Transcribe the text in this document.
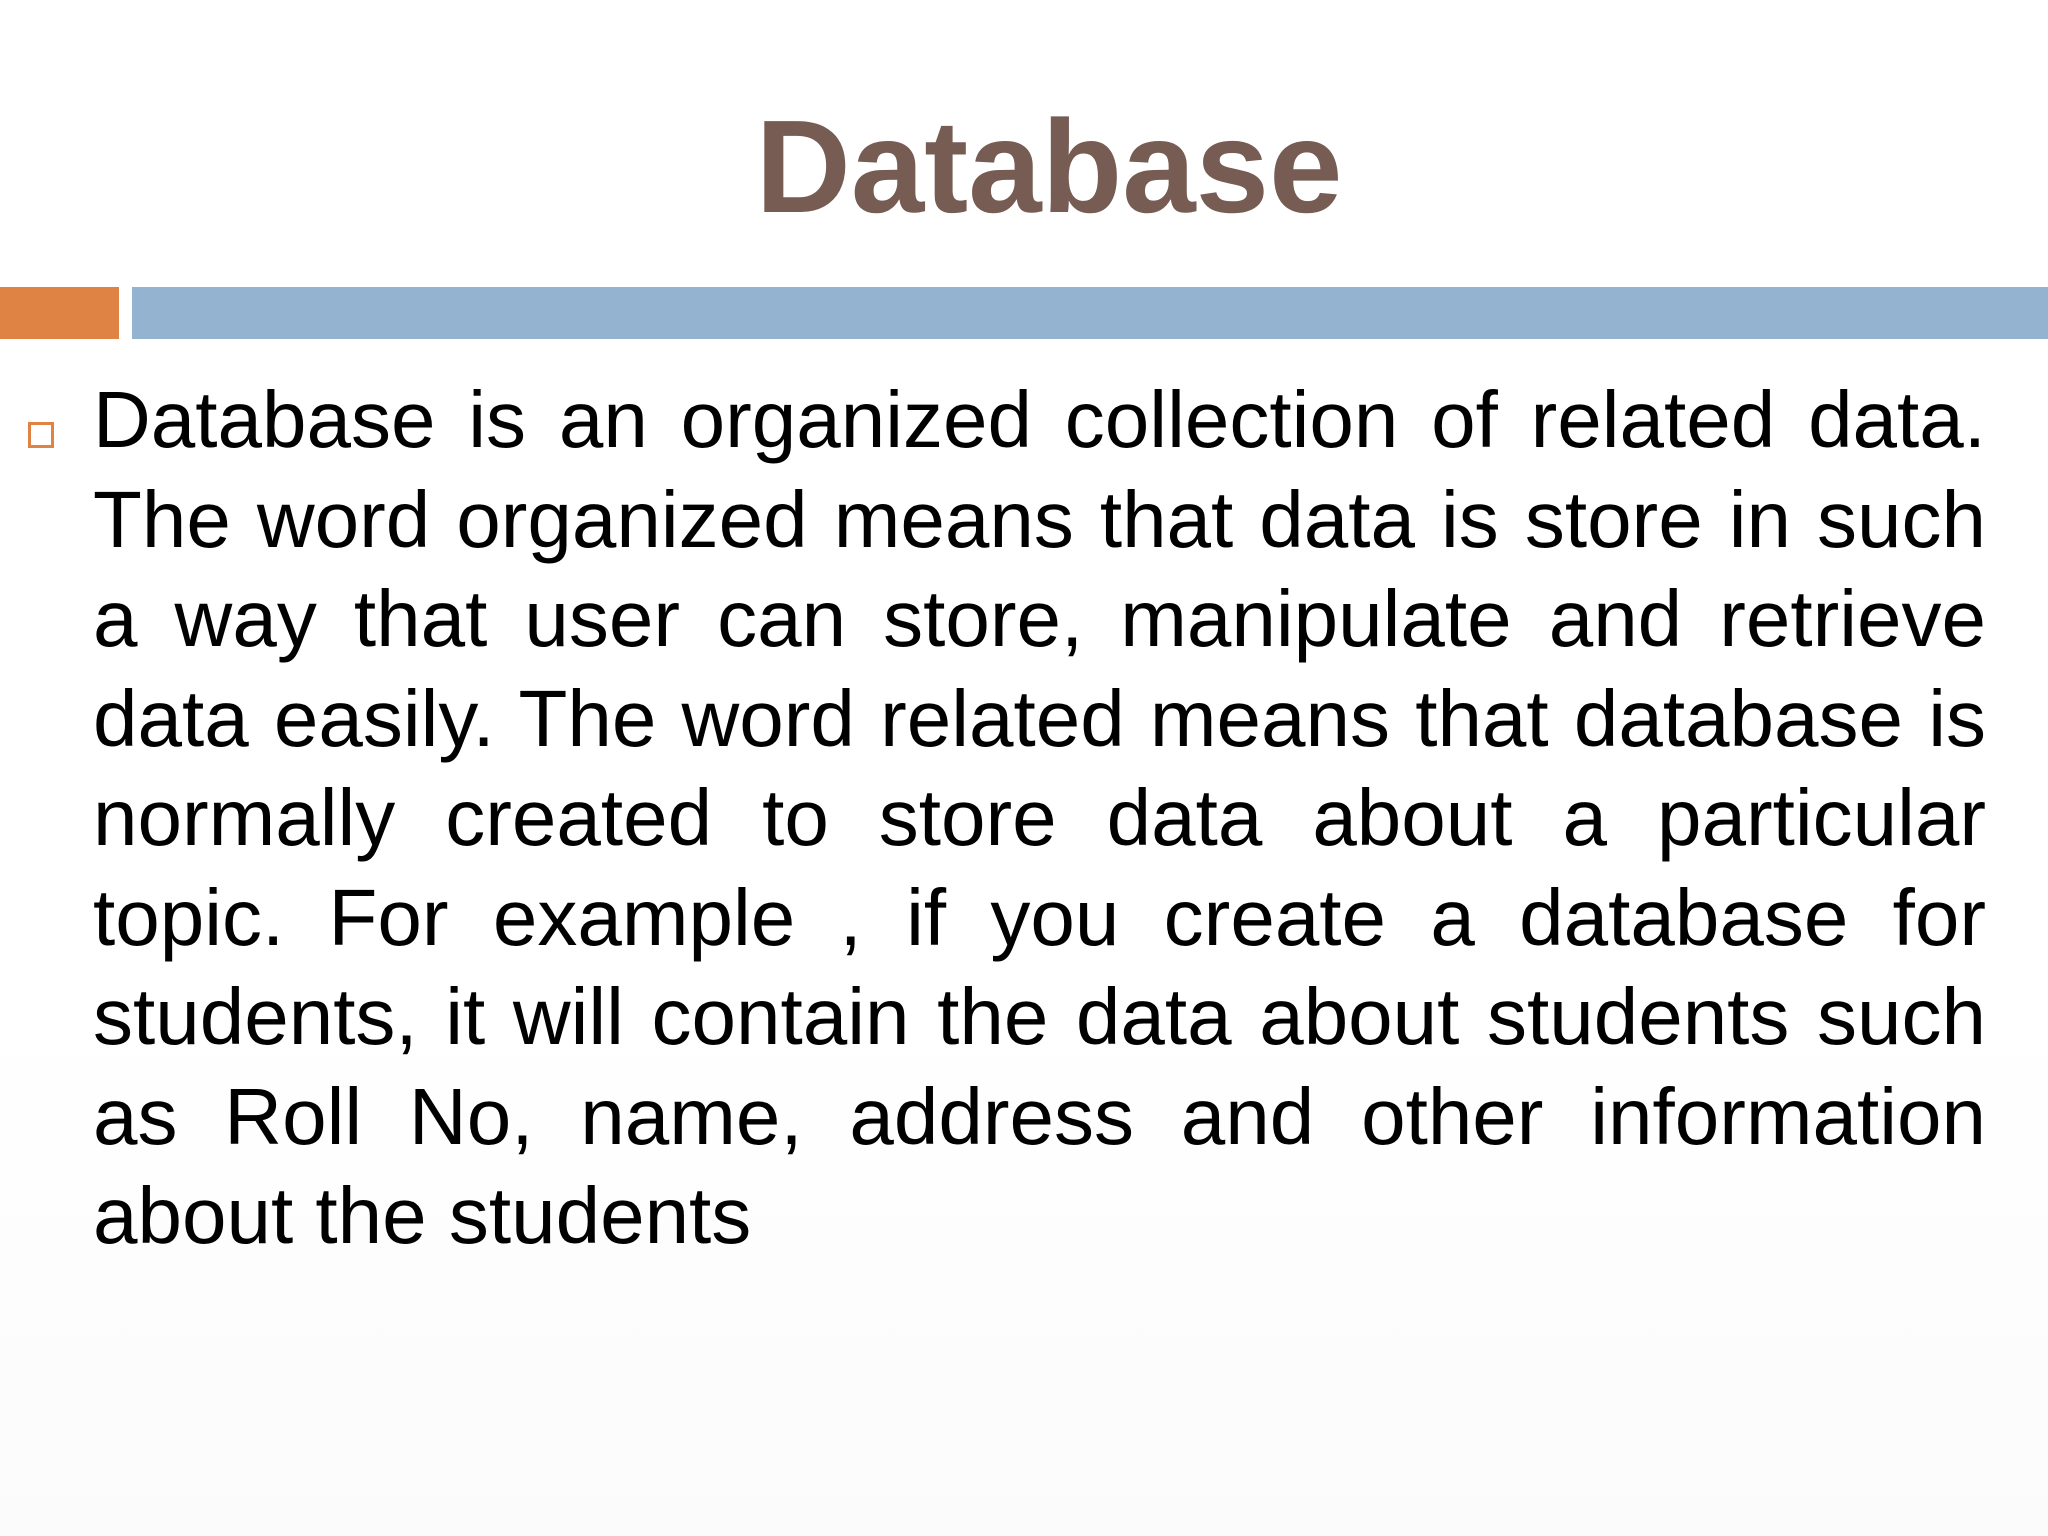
Database

Database is an organized collection of related data. The word organized means that data is store in such a way that user can store, manipulate and retrieve data easily. The word related means that database is normally created to store data about a particular topic. For example , if you create a database for students, it will contain the data about students such as Roll No, name, address and other information about the students
